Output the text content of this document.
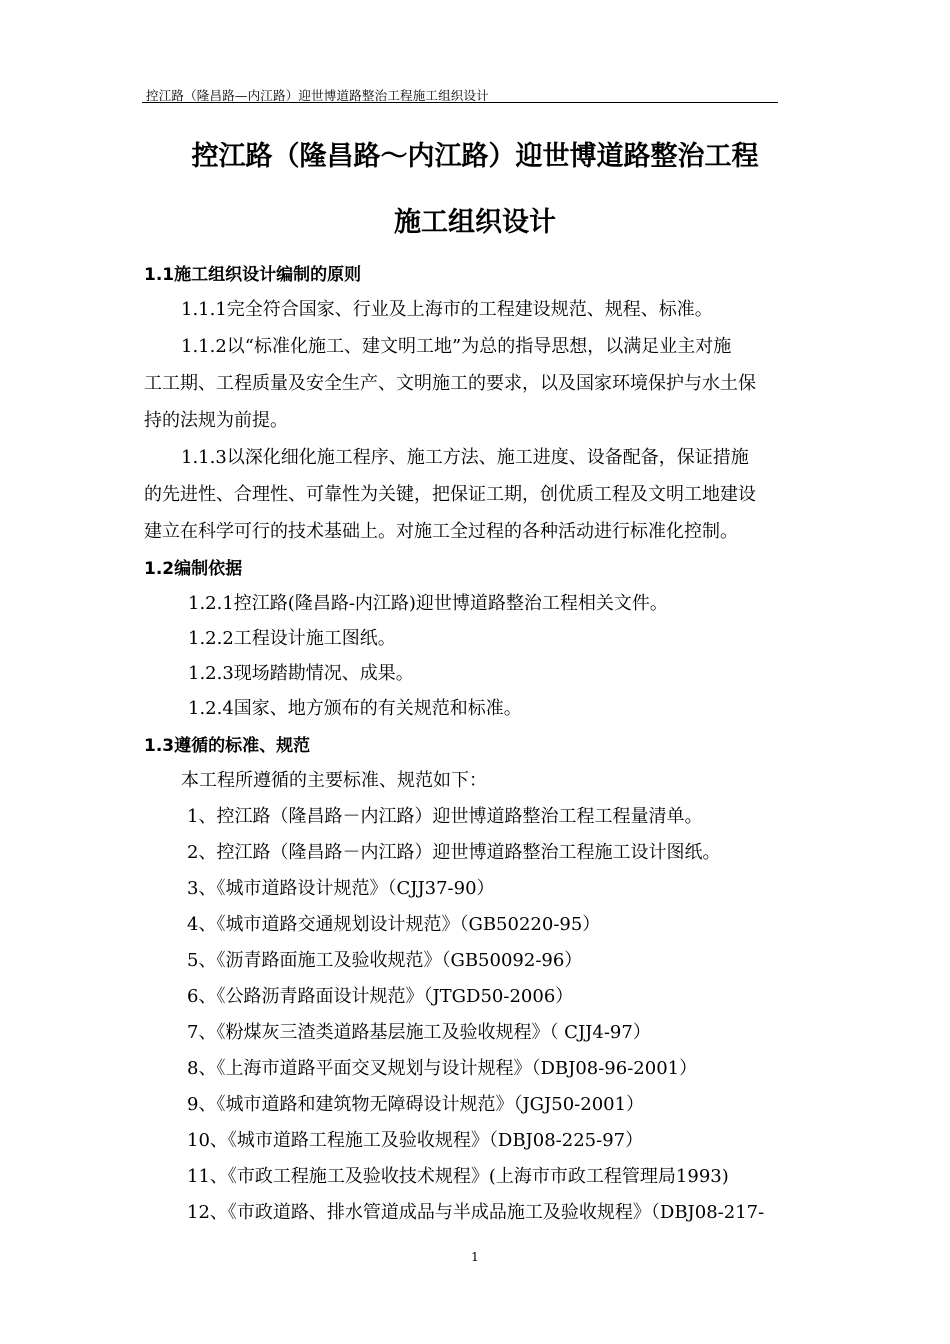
控江路（隆昌路—内江路）迎世博道路整治工程施工组织设计
控江路（隆昌路～内江路）迎世博道路整治工程
施工组织设计
1.1施工组织设计编制的原则
1.1.1完全符合国家、行业及上海市的工程建设规范、规程、标准。
1.1.2以“标准化施工、建文明工地”为总的指导思想，以满足业主对施
工工期、工程质量及安全生产、文明施工的要求，以及国家环境保护与水土保
持的法规为前提。
1.1.3以深化细化施工程序、施工方法、施工进度、设备配备，保证措施
的先进性、合理性、可靠性为关键，把保证工期，创优质工程及文明工地建设
建立在科学可行的技术基础上。对施工全过程的各种活动进行标准化控制。
1.2编制依据
1.2.1控江路(隆昌路-内江路)迎世博道路整治工程相关文件。
1.2.2工程设计施工图纸。
1.2.3现场踏勘情况、成果。
1.2.4国家、地方颁布的有关规范和标准。
1.3遵循的标准、规范
本工程所遵循的主要标准、规范如下：
1、控江路（隆昌路－内江路）迎世博道路整治工程工程量清单。
2、控江路（隆昌路－内江路）迎世博道路整治工程施工设计图纸。
3、《城市道路设计规范》（CJJ37-90）
4、《城市道路交通规划设计规范》（GB50220-95）
5、《沥青路面施工及验收规范》（GB50092-96）
6、《公路沥青路面设计规范》（JTGD50-2006）
7、《粉煤灰三渣类道路基层施工及验收规程》（ CJJ4-97）
8、《上海市道路平面交叉规划与设计规程》（DBJ08-96-2001）
9、《城市道路和建筑物无障碍设计规范》（JGJ50-2001）
10、《城市道路工程施工及验收规程》（DBJ08-225-97）
11、《市政工程施工及验收技术规程》(上海市市政工程管理局1993)
12、《市政道路、排水管道成品与半成品施工及验收规程》（DBJ08-217-
1
